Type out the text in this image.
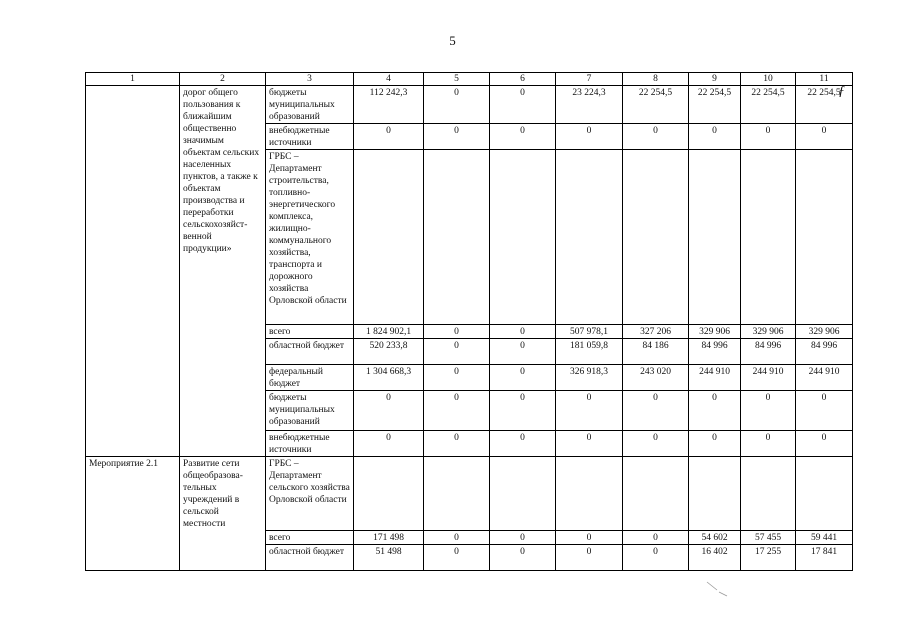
5
1	2	3	4	5	6	7	8	9	10	11
	дорог общего пользования к ближайшим общественно значимым объектам сельских населенных пунктов, а также к объектам производства и переработки сельскохозяйст-венной продукции»	бюджеты муниципальных образований	112 242,3	0	0	23 224,3	22 254,5	22 254,5	22 254,5	22 254,5
		внебюджетные источники	0	0	0	0	0	0	0	0
		ГРБС – Департамент строительства, топливно-энергетического комплекса, жилищно-коммунального хозяйства, транспорта и дорожного хозяйства Орловской области								
		всего	1 824 902,1	0	0	507 978,1	327 206	329 906	329 906	329 906
		областной бюджет	520 233,8	0	0	181 059,8	84 186	84 996	84 996	84 996
		федеральный бюджет	1 304 668,3	0	0	326 918,3	243 020	244 910	244 910	244 910
		бюджеты муниципальных образований	0	0	0	0	0	0	0	0
		внебюджетные источники	0	0	0	0	0	0	0	0
Мероприятие 2.1	Развитие сети общеобразова-тельных учреждений в сельской местности	ГРБС – Департамент сельского хозяйства Орловской области								
		всего	171 498	0	0	0	0	54 602	57 455	59 441
		областной бюджет	51 498	0	0	0	0	16 402	17 255	17 841
ƒ
